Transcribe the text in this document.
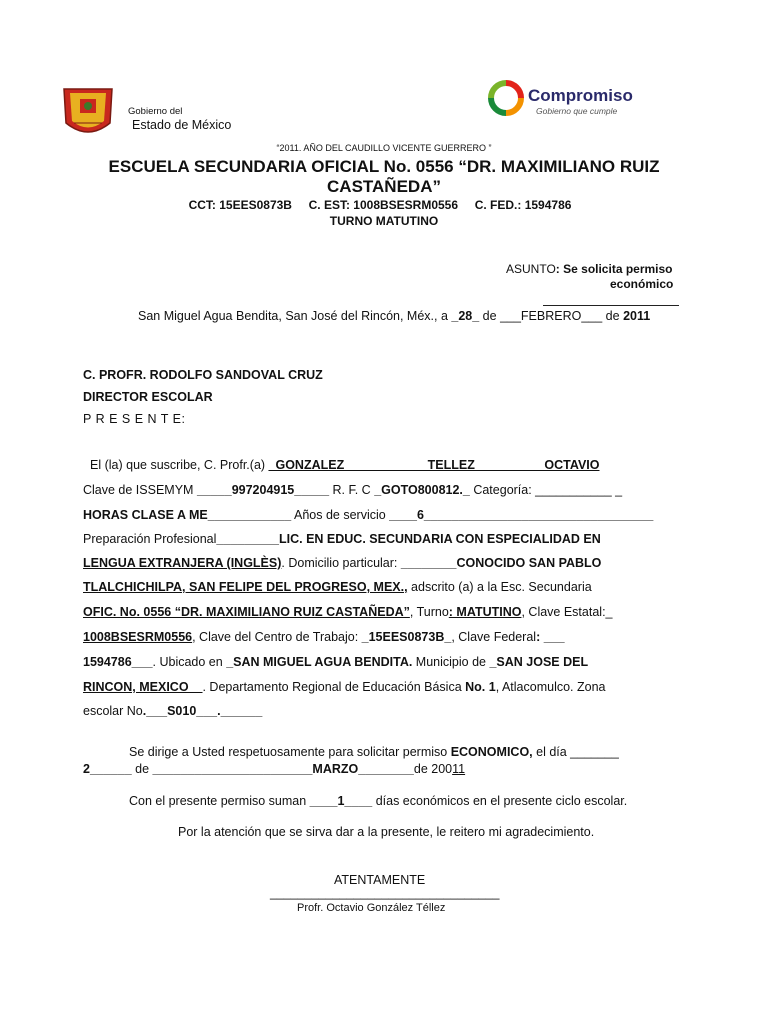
Gobierno del
Estado de México
Compromiso
Gobierno que cumple
“2011. AÑO DEL CAUDILLO VICENTE GUERRERO ”
ESCUELA SECUNDARIA OFICIAL No. 0556 “DR. MAXIMILIANO RUIZ
CASTAÑEDA”
CCT: 15EES0873B     C. EST: 1008BSESRM0556     C. FED.: 1594786
TURNO MATUTINO
ASUNTO: Se solicita permiso
económico
San Miguel Agua Bendita, San José del Rincón, Méx., a _28_ de ___FEBRERO___ de 2011
C. PROFR. RODOLFO SANDOVAL CRUZ
DIRECTOR ESCOLAR
P R E S E N T E:
El (la) que suscribe, C. Profr.(a) _GONZALEZ____________TELLEZ__________OCTAVIO
Clave de ISSEMYM _____997204915_____ R. F. C _GOTO800812._ Categoría: ___________ _
HORAS CLASE A ME____________ Años de servicio ____6_________________________________
Preparación Profesional_________LIC. EN EDUC. SECUNDARIA CON ESPECIALIDAD EN
LENGUA EXTRANJERA (INGLÈS). Domicilio particular: ________CONOCIDO SAN PABLO
TLALCHICHILPA, SAN FELIPE DEL PROGRESO, MEX., adscrito (a) a la Esc. Secundaria
OFIC. No. 0556 “DR. MAXIMILIANO RUIZ CASTAÑEDA”, Turno: MATUTINO, Clave Estatal:_
1008BSESRM0556, Clave del Centro de Trabajo: _15EES0873B_, Clave Federal: ___
1594786___. Ubicado en _SAN MIGUEL AGUA BENDITA. Municipio de _SAN JOSE DEL
RINCON, MEXICO__. Departamento Regional de Educación Básica No. 1, Atlacomulco. Zona
escolar No.___S010___.______
Se dirige a Usted respetuosamente para solicitar permiso ECONOMICO, el día _______
2______ de _______________________MARZO________de 20011
Con el presente permiso suman ____1____ días económicos en el presente ciclo escolar.
Por la atención que se sirva dar a la presente, le reitero mi agradecimiento.
ATENTAMENTE
_________________________________
Profr. Octavio González Téllez
